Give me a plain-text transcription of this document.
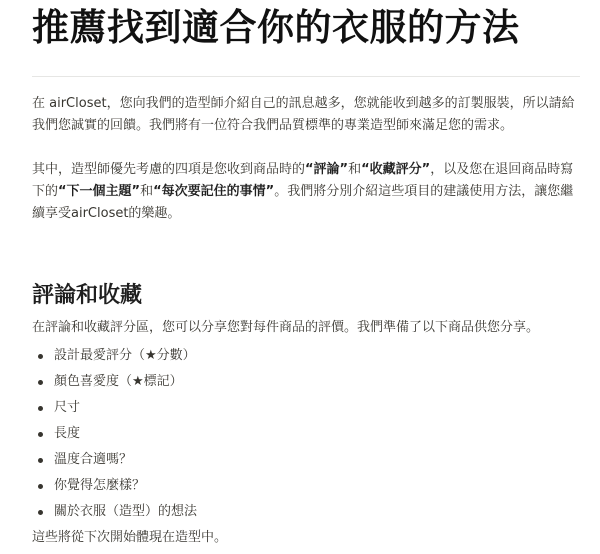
推薦找到適合你的衣服的方法

在 airCloset，您向我們的造型師介紹自己的訊息越多，您就能收到越多的訂製服裝，所以請給我們您誠實的回饋。我們將有一位符合我們品質標準的專業造型師來滿足您的需求。

其中，造型師優先考慮的四項是您收到商品時的“評論”和“收藏評分”，以及您在退回商品時寫下的“下一個主題”和“每次要記住的事情”。我們將分別介紹這些項目的建議使用方法，讓您繼續享受airCloset的樂趣。

評論和收藏

在評論和收藏評分區，您可以分享您對每件商品的評價。我們準備了以下商品供您分享。

設計最愛評分（★分數）
顏色喜愛度（★標記）
尺寸
長度
溫度合適嗎？
你覺得怎麼樣？
關於衣服（造型）的想法

這些將從下次開始體現在造型中。
